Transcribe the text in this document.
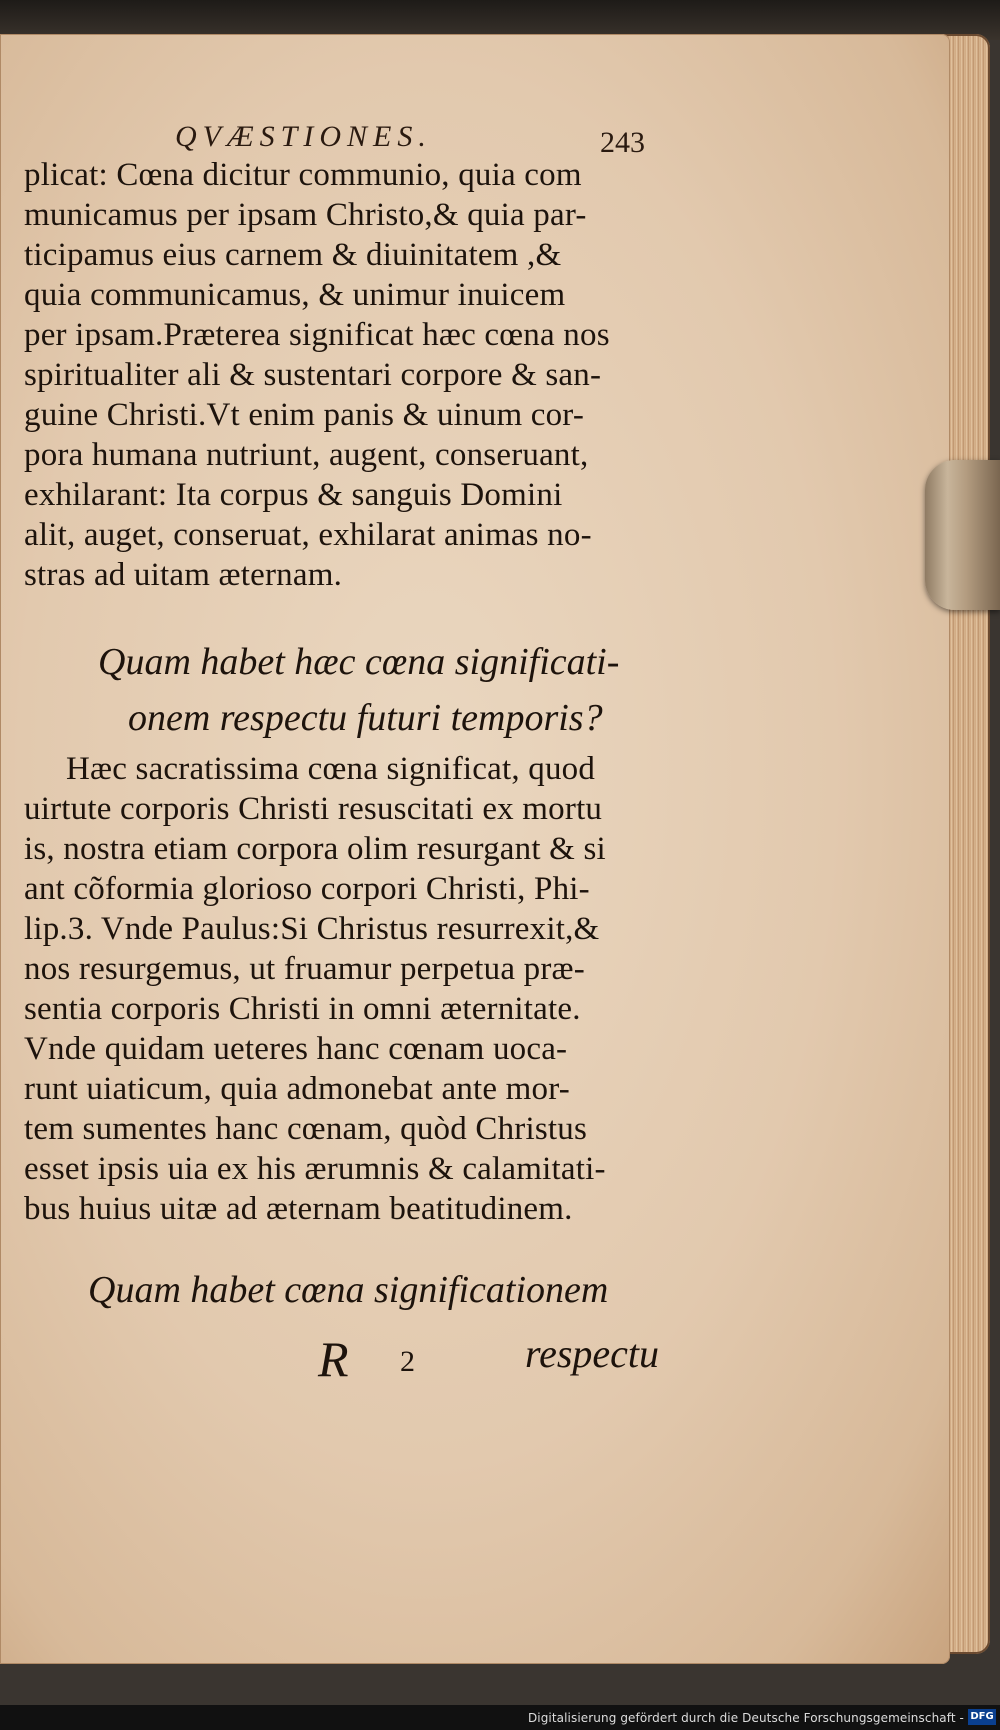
QVÆSTIONES.	243
plicat: Cœna dicitur communio, quia com
municamus per ipsam Christo,& quia par-
ticipamus eius carnem & diuinitatem ,&
quia communicamus, & unimur inuicem
per ipsam.Præterea significat hæc cœna nos
spiritualiter ali & sustentari corpore & san-
guine Christi.Vt enim panis & uinum cor-
pora humana nutriunt, augent, conseruant,
exhilarant: Ita corpus & sanguis Domini
alit, auget, conseruat, exhilarat animas no-
stras ad uitam æternam.
Quam habet hæc cœna significati-
onem respectu futuri temporis?
Hæc sacratissima cœna significat, quod
uirtute corporis Christi resuscitati ex mortu
is, nostra etiam corpora olim resurgant & si
ant cõformia glorioso corpori Christi, Phi-
lip.3. Vnde Paulus:Si Christus resurrexit,&
nos resurgemus, ut fruamur perpetua præ-
sentia corporis Christi in omni æternitate.
Vnde quidam ueteres hanc cœnam uoca-
runt uiaticum, quia admonebat ante mor-
tem sumentes hanc cœnam, quòd Christus
esset ipsis uia ex his ærumnis & calamitati-
bus huius uitæ ad æternam beatitudinem.
Quam habet cœna significationem
R 2	respectu
Digitalisierung gefördert durch die Deutsche Forschungsgemeinschaft - DFG
